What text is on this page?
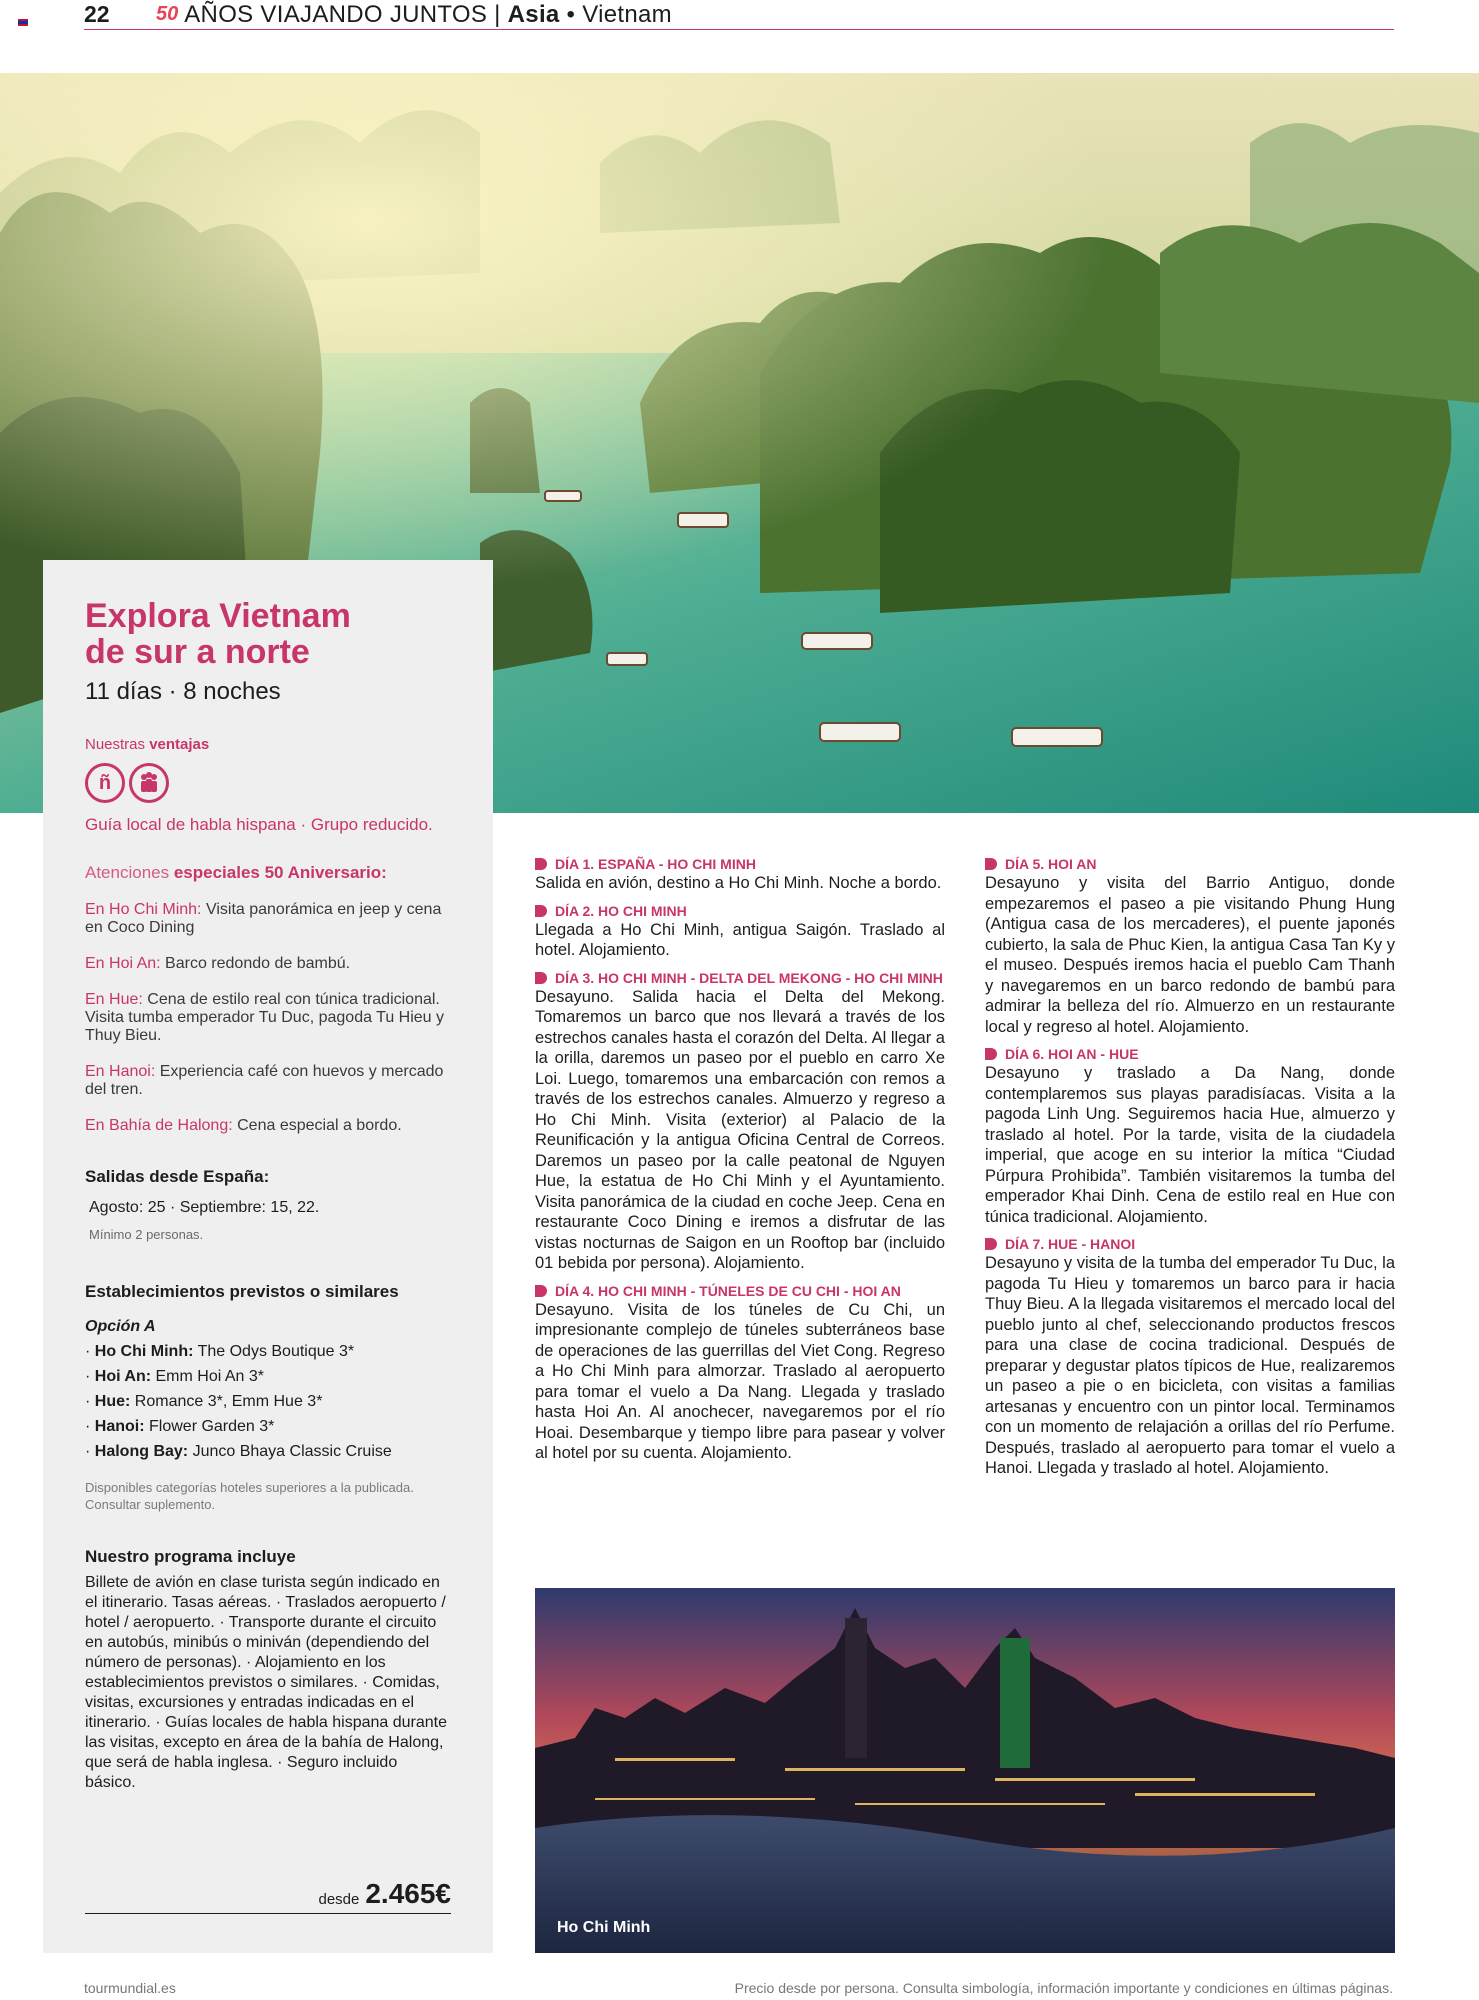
22	50 AÑOS VIAJANDO JUNTOS | Asia • Vietnam
Explora Vietnam
de sur a norte
11 días · 8 noches
Nuestras ventajas
ñ
Guía local de habla hispana · Grupo reducido.
Atenciones especiales 50 Aniversario:
En Ho Chi Minh: Visita panorámica en jeep y cena en Coco Dining
En Hoi An: Barco redondo de bambú.
En Hue: Cena de estilo real con túnica tradicional. Visita tumba emperador Tu Duc, pagoda Tu Hieu y Thuy Bieu.
En Hanoi: Experiencia café con huevos y mercado del tren.
En Bahía de Halong: Cena especial a bordo.
Salidas desde España:
Agosto: 25 · Septiembre: 15, 22.
Mínimo 2 personas.
Establecimientos previstos o similares
Opción A
· Ho Chi Minh: The Odys Boutique 3*
· Hoi An: Emm Hoi An 3*
· Hue: Romance 3*, Emm Hue 3*
· Hanoi: Flower Garden 3*
· Halong Bay: Junco Bhaya Classic Cruise
Disponibles categorías hoteles superiores a la publicada. Consultar suplemento.
Nuestro programa incluye
Billete de avión en clase turista según indicado en el itinerario. Tasas aéreas. · Traslados aeropuerto / hotel / aeropuerto. · Transporte durante el circuito en autobús, minibús o miniván (dependiendo del número de personas). · Alojamiento en los establecimientos previstos o similares. · Comidas, visitas, excursiones y entradas indicadas en el itinerario. · Guías locales de habla hispana durante las visitas, excepto en área de la bahía de Halong, que será de habla inglesa. · Seguro incluido básico.
desde 2.465€
DÍA 1. ESPAÑA - HO CHI MINH
Salida en avión, destino a Ho Chi Minh. Noche a bordo.
DÍA 2. HO CHI MINH
Llegada a Ho Chi Minh, antigua Saigón. Traslado al hotel. Alojamiento.
DÍA 3. HO CHI MINH - DELTA DEL MEKONG - HO CHI MINH
Desayuno. Salida hacia el Delta del Mekong. Tomaremos un barco que nos llevará a través de los estrechos canales hasta el corazón del Delta. Al llegar a la orilla, daremos un paseo por el pueblo en carro Xe Loi. Luego, tomaremos una embarcación con remos a través de los estrechos canales. Almuerzo y regreso a Ho Chi Minh. Visita (exterior) al Palacio de la Reunificación y la antigua Oficina Central de Correos. Daremos un paseo por la calle peatonal de Nguyen Hue, la estatua de Ho Chi Minh y el Ayuntamiento. Visita panorámica de la ciudad en coche Jeep. Cena en restaurante Coco Dining e iremos a disfrutar de las vistas nocturnas de Saigon en un Rooftop bar (incluido 01 bebida por persona). Alojamiento.
DÍA 4. HO CHI MINH - TÚNELES DE CU CHI - HOI AN
Desayuno. Visita de los túneles de Cu Chi, un impresionante complejo de túneles subterráneos base de operaciones de las guerrillas del Viet Cong. Regreso a Ho Chi Minh para almorzar. Traslado al aeropuerto para tomar el vuelo a Da Nang. Llegada y traslado hasta Hoi An. Al anochecer, navegaremos por el río Hoai. Desembarque y tiempo libre para pasear y volver al hotel por su cuenta. Alojamiento.
DÍA 5. HOI AN
Desayuno y visita del Barrio Antiguo, donde empezaremos el paseo a pie visitando Phung Hung (Antigua casa de los mercaderes), el puente japonés cubierto, la sala de Phuc Kien, la antigua Casa Tan Ky y el museo. Después iremos hacia el pueblo Cam Thanh y navegaremos en un barco redondo de bambú para admirar la belleza del río. Almuerzo en un restaurante local y regreso al hotel. Alojamiento.
DÍA 6. HOI AN - HUE
Desayuno y traslado a Da Nang, donde contemplaremos sus playas paradisíacas. Visita a la pagoda Linh Ung. Seguiremos hacia Hue, almuerzo y traslado al hotel. Por la tarde, visita de la ciudadela imperial, que acoge en su interior la mítica “Ciudad Púrpura Prohibida”. También visitaremos la tumba del emperador Khai Dinh. Cena de estilo real en Hue con túnica tradicional. Alojamiento.
DÍA 7. HUE - HANOI
Desayuno y visita de la tumba del emperador Tu Duc, la pagoda Tu Hieu y tomaremos un barco para ir hacia Thuy Bieu. A la llegada visitaremos el mercado local del pueblo junto al chef, seleccionando productos frescos para una clase de cocina tradicional. Después de preparar y degustar platos típicos de Hue, realizaremos un paseo a pie o en bicicleta, con visitas a familias artesanas y encuentro con un pintor local. Terminamos con un momento de relajación a orillas del río Perfume. Después, traslado al aeropuerto para tomar el vuelo a Hanoi. Llegada y traslado al hotel. Alojamiento.
Ho Chi Minh
tourmundial.es	Precio desde por persona. Consulta simbología, información importante y condiciones en últimas páginas.
